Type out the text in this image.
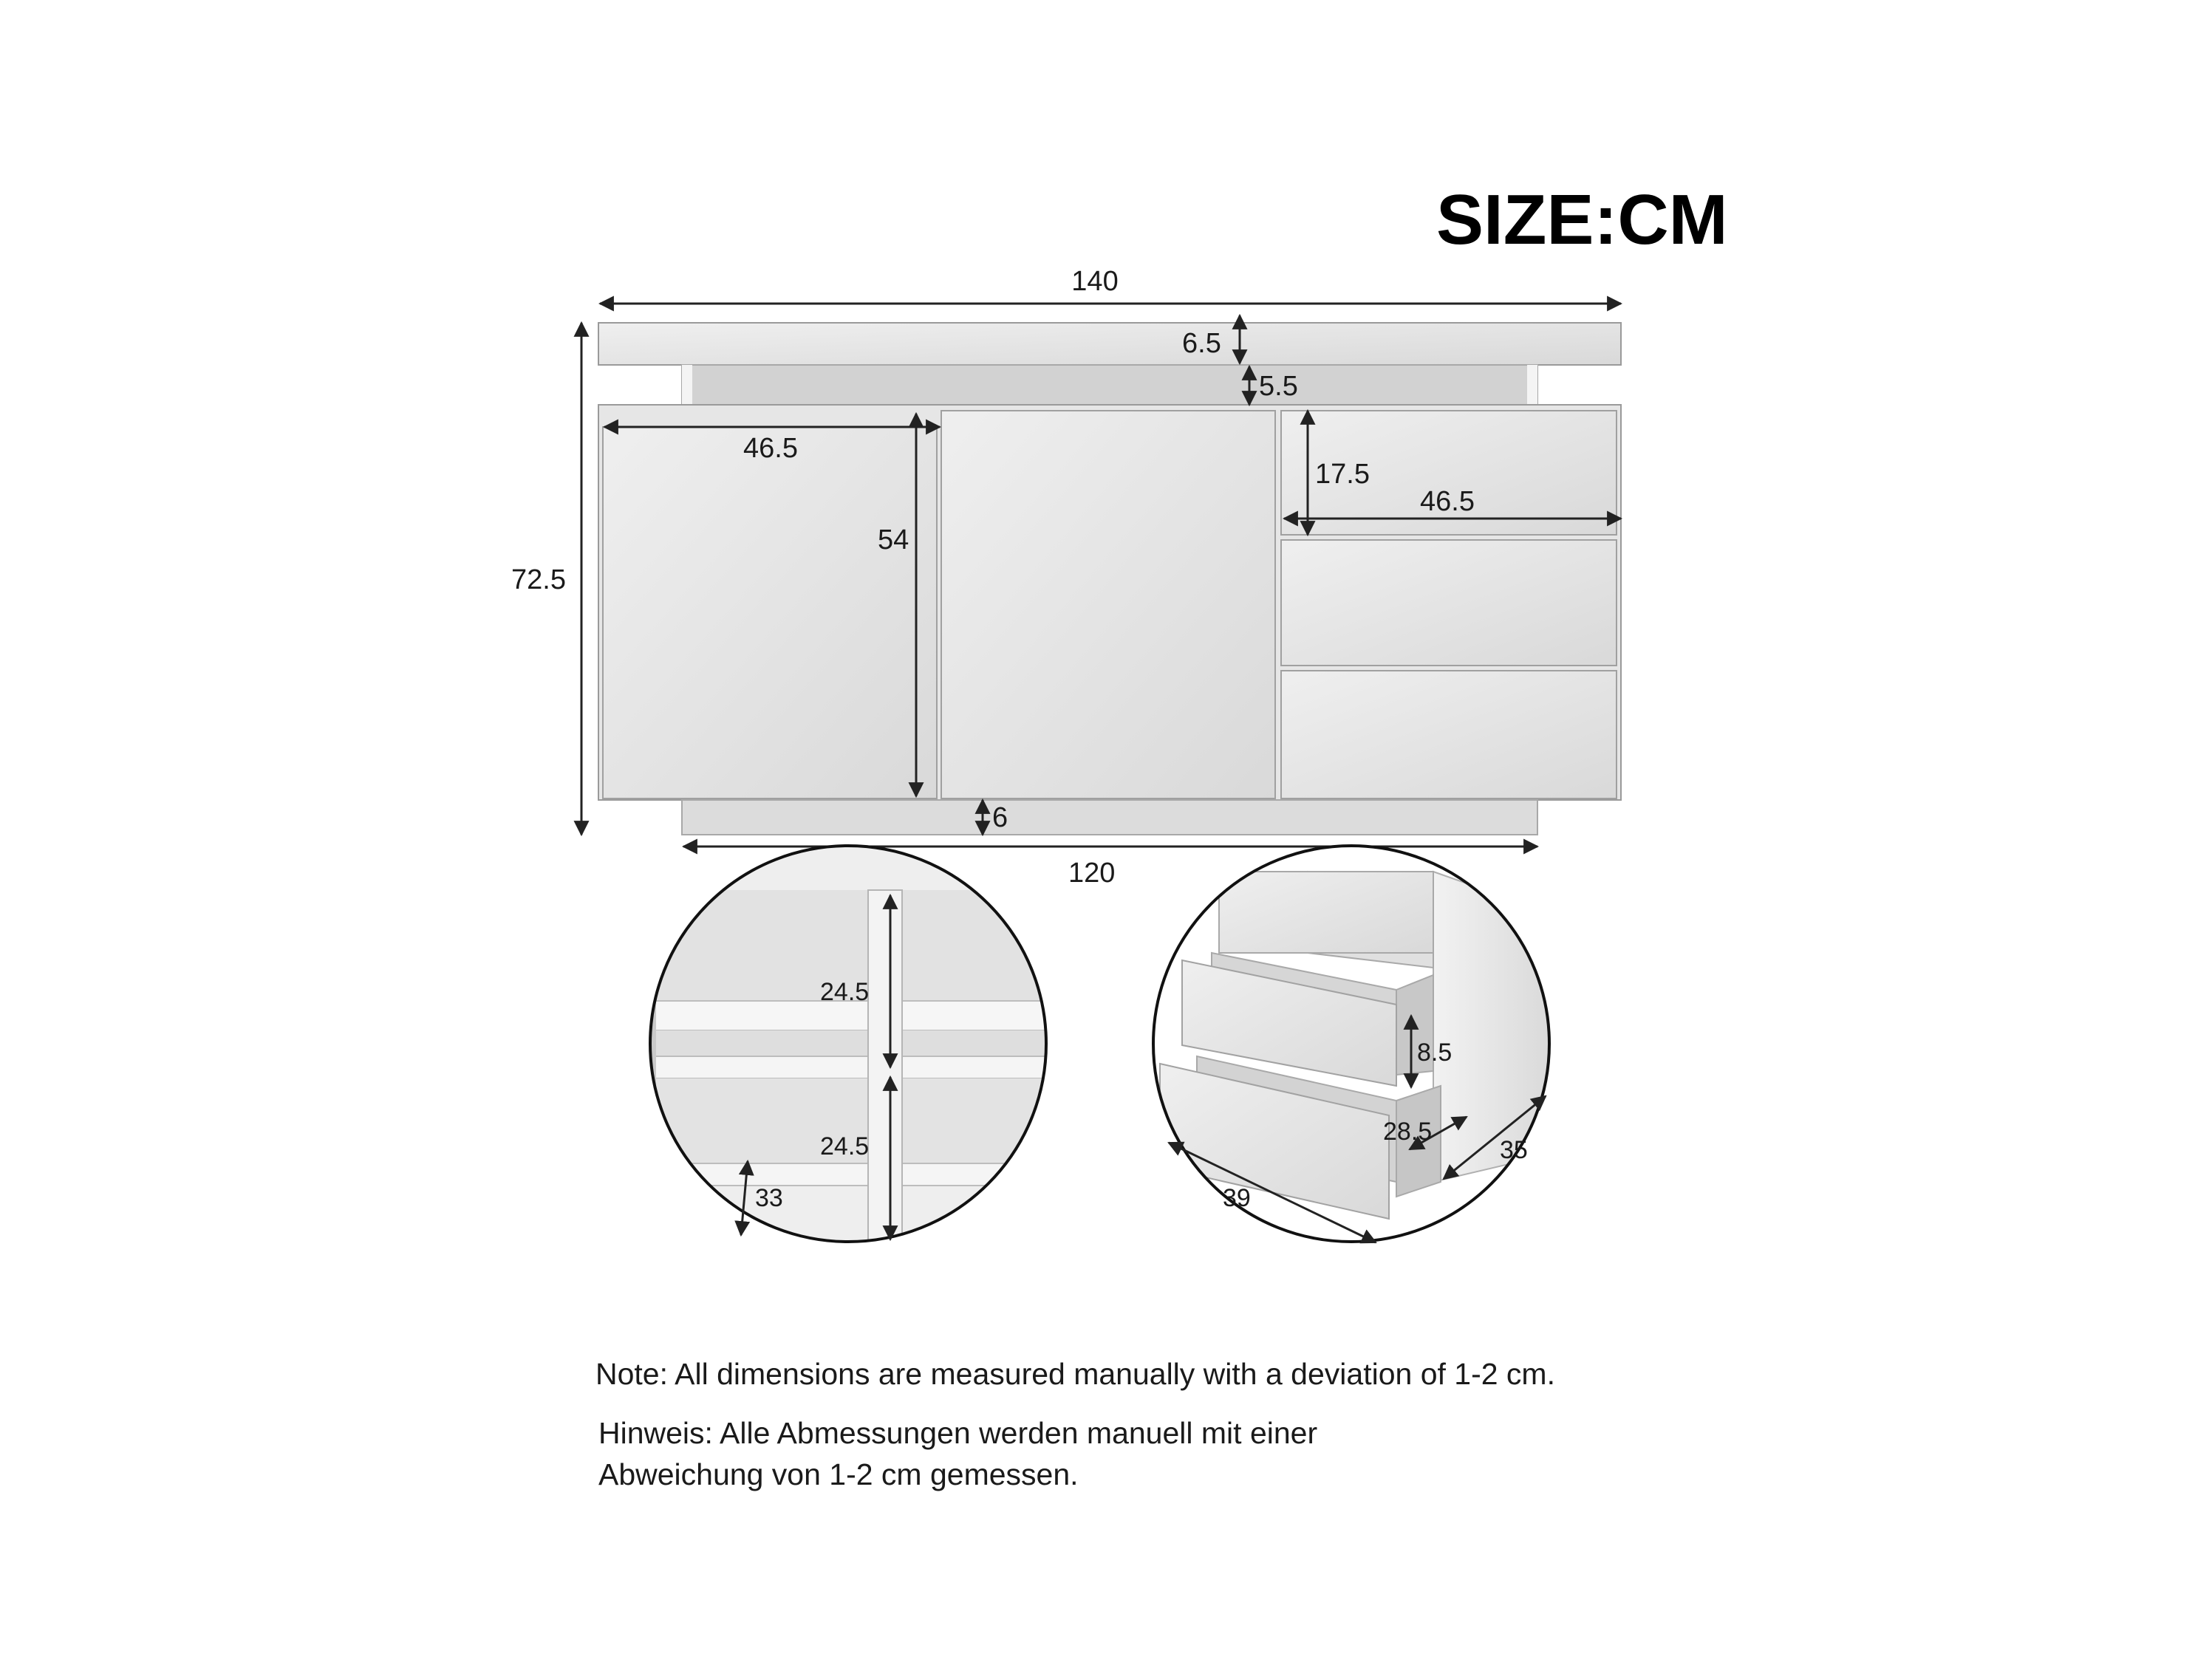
SIZE:CM
140
6.5
5.5
46.5
54
72.5
17.5
46.5
6
120
24.5
24.5
33
8.5
28.5
39
35
Note: All dimensions are measured manually with a deviation of 1-2 cm.
Hinweis: Alle Abmessungen werden manuell mit einer
Abweichung von 1-2 cm gemessen.
